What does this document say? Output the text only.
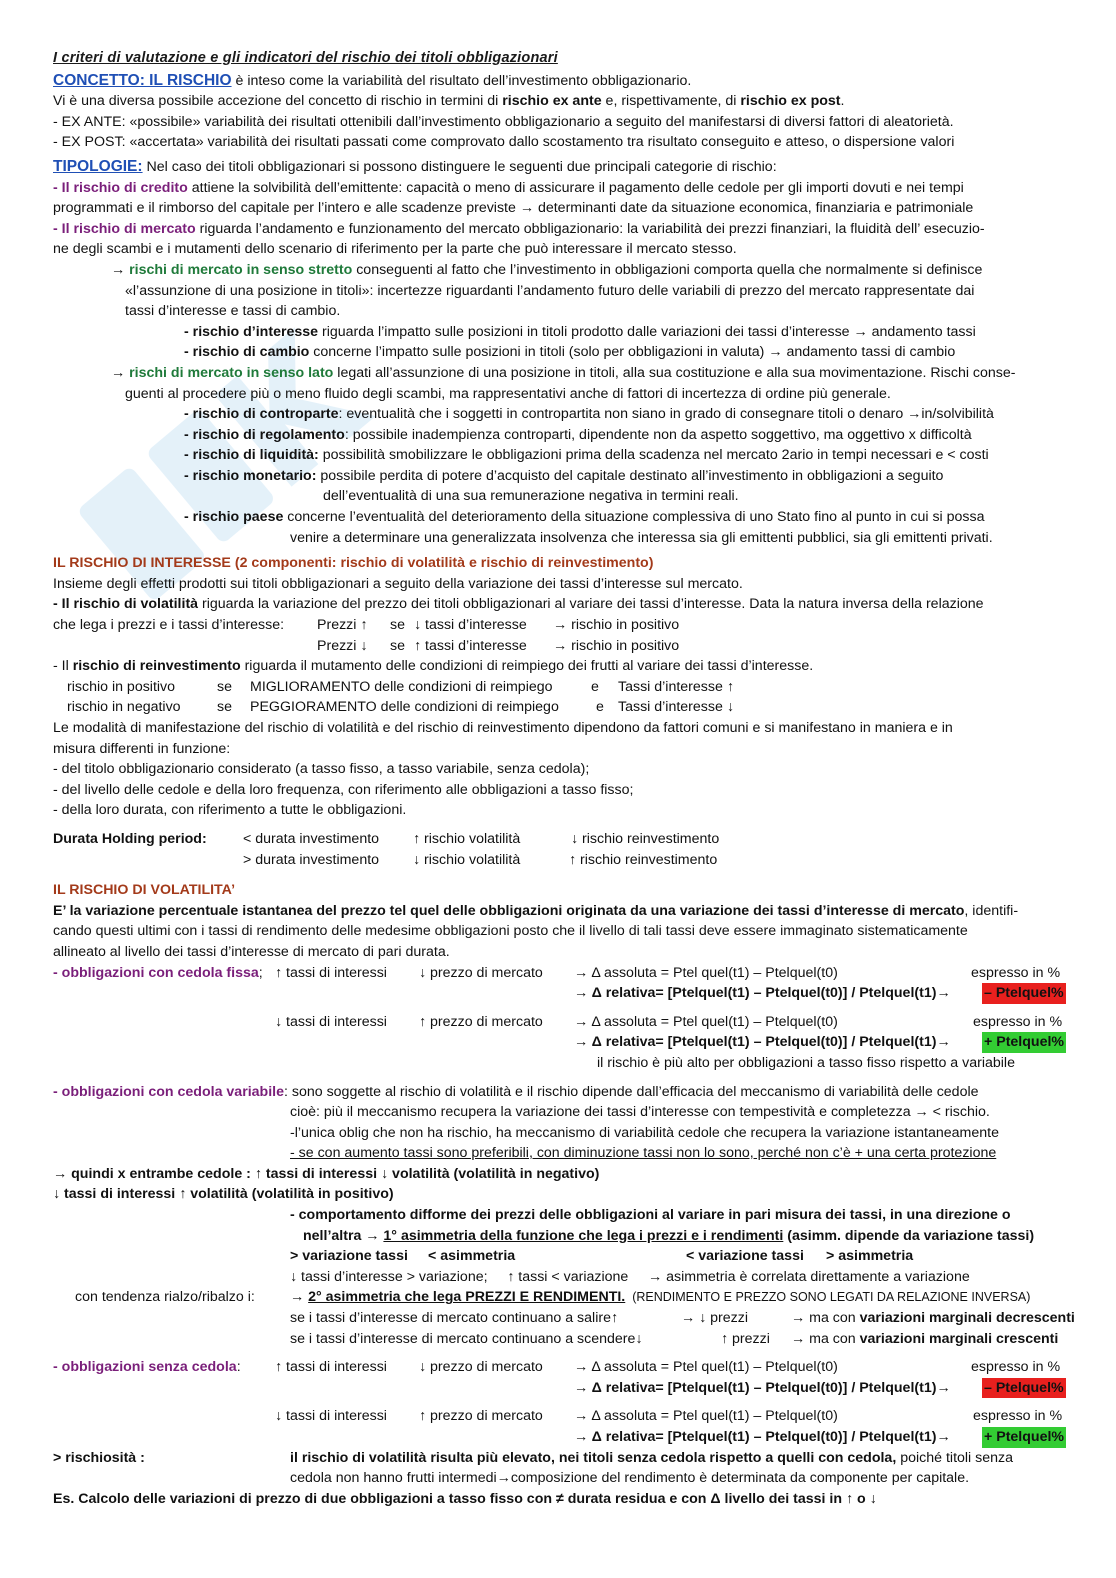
I criteri di valutazione e gli indicatori del rischio dei titoli obbligazionari
CONCETTO: IL RISCHIO è inteso come la variabilità del risultato dell’investimento obbligazionario.
Vi è una diversa possibile accezione del concetto di rischio in termini di rischio ex ante e, rispettivamente, di rischio ex post.
- EX ANTE: «possibile» variabilità dei risultati ottenibili dall’investimento obbligazionario a seguito del manifestarsi di diversi fattori di aleatorietà.
- EX POST: «accertata» variabilità dei risultati passati come comprovato dallo scostamento tra risultato conseguito e atteso, o dispersione valori
TIPOLOGIE: Nel caso dei titoli obbligazionari si possono distinguere le seguenti due principali categorie di rischio:
- Il rischio di credito attiene la solvibilità dell’emittente: capacità o meno di assicurare il pagamento delle cedole per gli importi dovuti e nei tempi
programmati e il rimborso del capitale per l’intero e alle scadenze previste → determinanti date da situazione economica, finanziaria e patrimoniale
- Il rischio di mercato riguarda l’andamento e funzionamento del mercato obbligazionario: la variabilità dei prezzi finanziari, la fluidità dell’ esecuzio-
ne degli scambi e i mutamenti dello scenario di riferimento per la parte che può interessare il mercato stesso.
→ rischi di mercato in senso stretto conseguenti al fatto che l’investimento in obbligazioni comporta quella che normalmente si definisce
«l’assunzione di una posizione in titoli»: incertezze riguardanti l’andamento futuro delle variabili di prezzo del mercato rappresentate dai
tassi d’interesse e tassi di cambio.
- rischio d’interesse riguarda l’impatto sulle posizioni in titoli prodotto dalle variazioni dei tassi d’interesse → andamento tassi
- rischio di cambio concerne l’impatto sulle posizioni in titoli (solo per obbligazioni in valuta) → andamento tassi di cambio
→ rischi di mercato in senso lato legati all’assunzione di una posizione in titoli, alla sua costituzione e alla sua movimentazione. Rischi conse-
guenti al procedere più o meno fluido degli scambi, ma rappresentativi anche di fattori di incertezza di ordine più generale.
- rischio di controparte: eventualità che i soggetti in contropartita non siano in grado di consegnare titoli o denaro →in/solvibilità
- rischio di regolamento: possibile inadempienza controparti, dipendente non da aspetto soggettivo, ma oggettivo x difficoltà
- rischio di liquidità: possibilità smobilizzare le obbligazioni prima della scadenza nel mercato 2ario in tempi necessari e < costi
- rischio monetario: possibile perdita di potere d’acquisto del capitale destinato all’investimento in obbligazioni a seguito
dell’eventualità di una sua remunerazione negativa in termini reali.
- rischio paese concerne l’eventualità del deterioramento della situazione complessiva di uno Stato fino al punto in cui si possa
venire a determinare una generalizzata insolvenza che interessa sia gli emittenti pubblici, sia gli emittenti privati.
IL RISCHIO DI INTERESSE (2 componenti: rischio di volatilità e rischio di reinvestimento)
Insieme degli effetti prodotti sui titoli obbligazionari a seguito della variazione dei tassi d’interesse sul mercato.
- Il rischio di volatilità riguarda la variazione del prezzo dei titoli obbligazionari al variare dei tassi d’interesse. Data la natura inversa della relazione
che lega i prezzi e i tassi d’interesse: Prezzi ↑ se ↓ tassi d’interesse → rischio in positivo
Prezzi ↓ se ↑ tassi d’interesse → rischio in positivo
- Il rischio di reinvestimento riguarda il mutamento delle condizioni di reimpiego dei frutti al variare dei tassi d’interesse.
rischio in positivo	se MIGLIORAMENTO delle condizioni di reimpiego	e Tassi d’interesse ↑
rischio in negativo	se PEGGIORAMENTO delle condizioni di reimpiego	e Tassi d’interesse ↓
Le modalità di manifestazione del rischio di volatilità e del rischio di reinvestimento dipendono da fattori comuni e si manifestano in maniera e in
misura differenti in funzione:
- del titolo obbligazionario considerato (a tasso fisso, a tasso variabile, senza cedola);
- del livello delle cedole e della loro frequenza, con riferimento alle obbligazioni a tasso fisso;
- della loro durata, con riferimento a tutte le obbligazioni.
Durata Holding period:	< durata investimento ↑ rischio volatilità	↓ rischio reinvestimento
> durata investimento ↓ rischio volatilità	↑ rischio reinvestimento
IL RISCHIO DI VOLATILITA’
E’ la variazione percentuale istantanea del prezzo tel quel delle obbligazioni originata da una variazione dei tassi d’interesse di mercato, identifi-
cando questi ultimi con i tassi di rendimento delle medesime obbligazioni posto che il livello di tali tassi deve essere immaginato sistematicamente
allineato al livello dei tassi d’interesse di mercato di pari durata.
- obbligazioni con cedola fissa; ↑ tassi di interessi ↓ prezzo di mercato → Δ assoluta = Ptel quel(t1) – Ptelquel(t0)	espresso in %
→ Δ relativa= [Ptelquel(t1) – Ptelquel(t0)] / Ptelquel(t1)→ – Ptelquel%
↓ tassi di interessi ↑ prezzo di mercato → Δ assoluta = Ptel quel(t1) – Ptelquel(t0)	espresso in %
→ Δ relativa= [Ptelquel(t1) – Ptelquel(t0)] / Ptelquel(t1)→ + Ptelquel%
il rischio è più alto per obbligazioni a tasso fisso rispetto a variabile
- obbligazioni con cedola variabile: sono soggette al rischio di volatilità e il rischio dipende dall’efficacia del meccanismo di variabilità delle cedole
cioè: più il meccanismo recupera la variazione dei tassi d’interesse con tempestività e completezza → < rischio.
-l’unica oblig che non ha rischio, ha meccanismo di variabilità cedole che recupera la variazione istantaneamente
- se con aumento tassi sono preferibili, con diminuzione tassi non lo sono, perché non c’è + una certa protezione
→ quindi x entrambe cedole : ↑ tassi di interessi ↓ volatilità (volatilità in negativo)
↓ tassi di interessi ↑ volatilità (volatilità in positivo)
- comportamento difforme dei prezzi delle obbligazioni al variare in pari misura dei tassi, in una direzione o
nell’altra → 1° asimmetria della funzione che lega i prezzi e i rendimenti (asimm. dipende da variazione tassi)
> variazione tassi < asimmetria	< variazione tassi > asimmetria
↓ tassi d’interesse > variazione;     ↑ tassi < variazione     → asimmetria è correlata direttamente a variazione
con tendenza rialzo/ribalzo i: → 2° asimmetria che lega PREZZI E RENDIMENTI.  (RENDIMENTO E PREZZO SONO LEGATI DA RELAZIONE INVERSA)
se i tassi d’interesse di mercato continuano a salire↑	→ ↓ prezzi	→ ma con variazioni marginali decrescenti
se i tassi d’interesse di mercato continuano a scendere↓	↑ prezzi → ma con variazioni marginali crescenti
- obbligazioni senza cedola: ↑ tassi di interessi ↓ prezzo di mercato → Δ assoluta = Ptel quel(t1) – Ptelquel(t0)	espresso in %
→ Δ relativa= [Ptelquel(t1) – Ptelquel(t0)] / Ptelquel(t1)→ – Ptelquel%
↓ tassi di interessi ↑ prezzo di mercato → Δ assoluta = Ptel quel(t1) – Ptelquel(t0)	espresso in %
→ Δ relativa= [Ptelquel(t1) – Ptelquel(t0)] / Ptelquel(t1)→ + Ptelquel%
> rischiosità :	il rischio di volatilità risulta più elevato, nei titoli senza cedola rispetto a quelli con cedola, poiché titoli senza
cedola non hanno frutti intermedi→composizione del rendimento è determinata da componente per capitale.
Es. Calcolo delle variazioni di prezzo di due obbligazioni a tasso fisso con ≠ durata residua e con Δ livello dei tassi in ↑ o ↓
